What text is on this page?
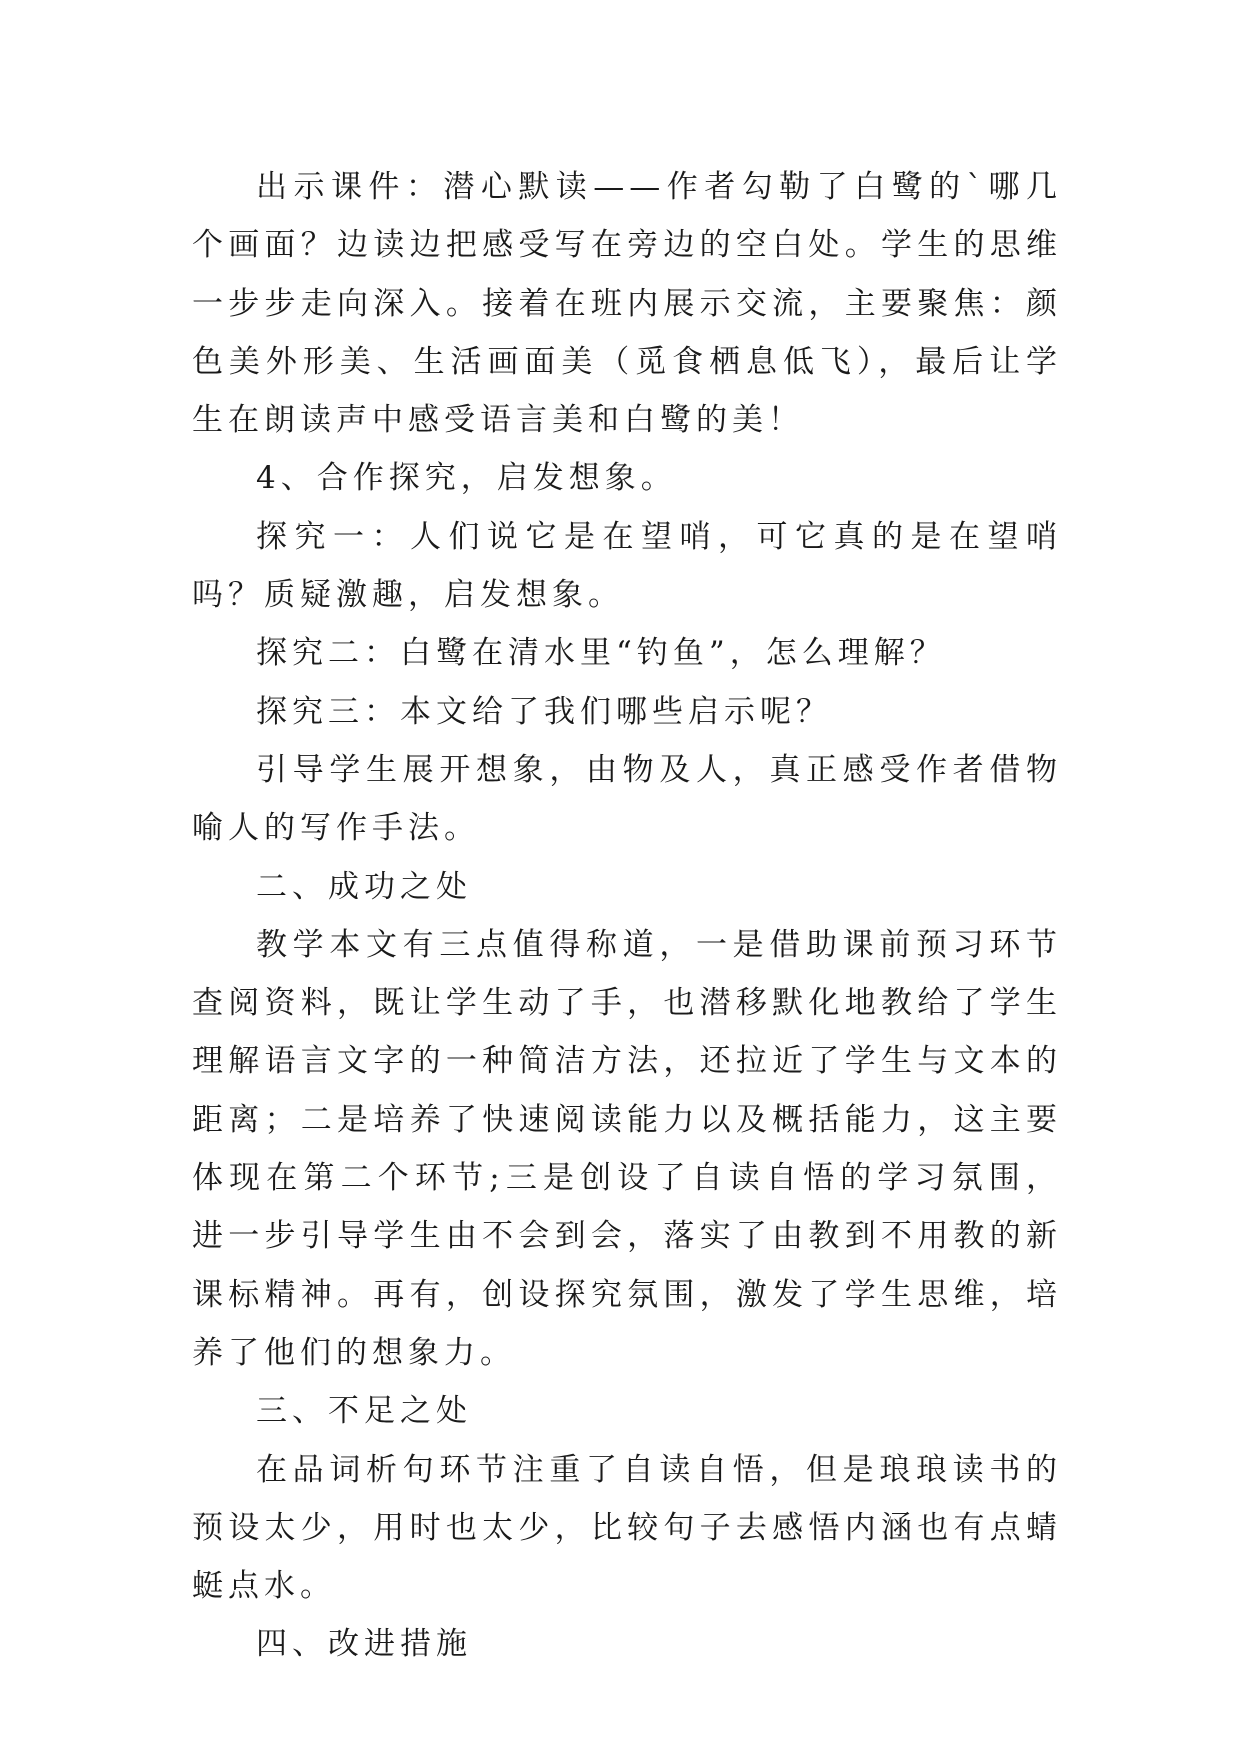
出示课件：潜心默读——作者勾勒了白鹭的`哪几个画面？边读边把感受写在旁边的空白处。学生的思维一步步走向深入。接着在班内展示交流，主要聚焦：颜色美外形美、生活画面美（觅食栖息低飞），最后让学生在朗读声中感受语言美和白鹭的美！

4、合作探究，启发想象。

探究一：人们说它是在望哨，可它真的是在望哨吗？质疑激趣，启发想象。

探究二：白鹭在清水里“钓鱼”，怎么理解？

探究三：本文给了我们哪些启示呢？

引导学生展开想象，由物及人，真正感受作者借物喻人的写作手法。

二、成功之处

教学本文有三点值得称道，一是借助课前预习环节查阅资料，既让学生动了手，也潜移默化地教给了学生理解语言文字的一种简洁方法，还拉近了学生与文本的距离；二是培养了快速阅读能力以及概括能力，这主要体现在第二个环节;三是创设了自读自悟的学习氛围，进一步引导学生由不会到会，落实了由教到不用教的新课标精神。再有，创设探究氛围，激发了学生思维，培养了他们的想象力。

三、不足之处

在品词析句环节注重了自读自悟，但是琅琅读书的预设太少，用时也太少，比较句子去感悟内涵也有点蜻蜓点水。

四、改进措施
